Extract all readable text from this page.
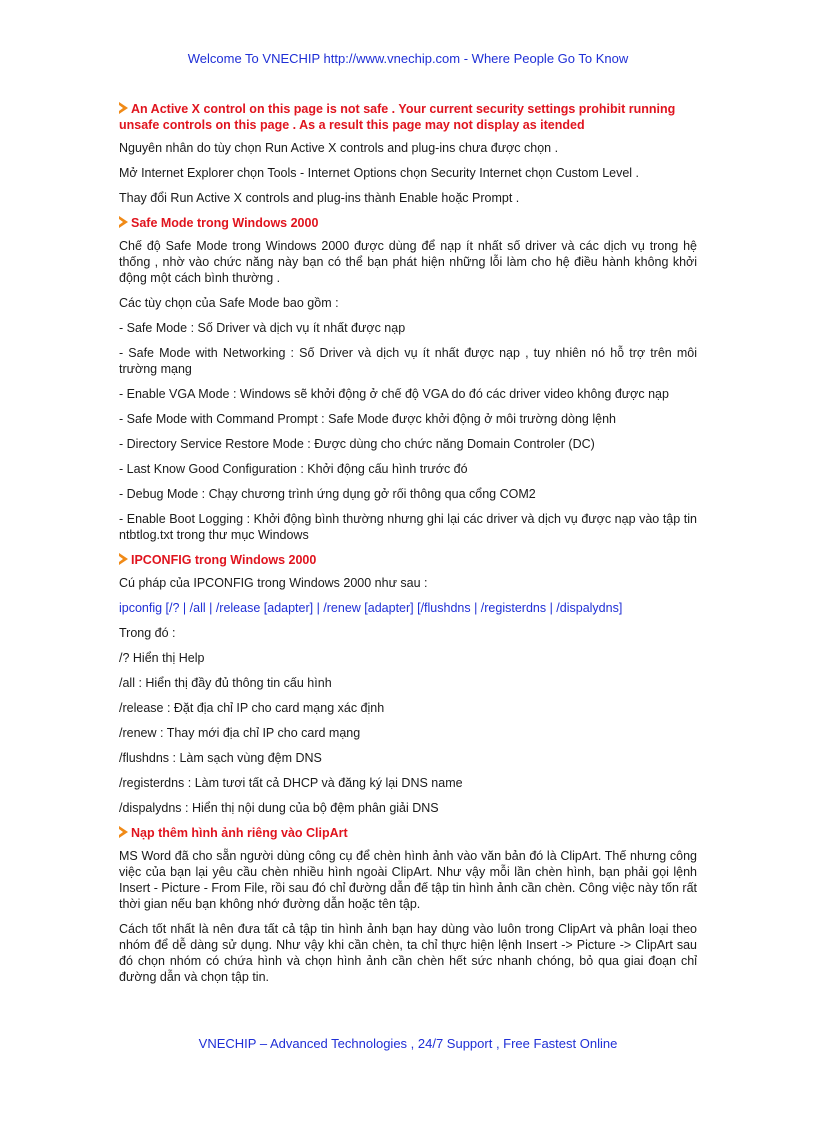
Welcome To VNECHIP http://www.vnechip.com - Where People Go To Know
An Active X control on this page is not safe . Your current security settings prohibit running unsafe controls on this page . As a result this page may not display as itended

Nguyên nhân do tùy chọn Run Active X controls and plug-ins chưa được chọn .

Mở Internet Explorer chọn Tools - Internet Options chọn Security Internet chọn Custom Level .

Thay đổi Run Active X controls and plug-ins thành Enable hoặc Prompt .

Safe Mode trong Windows 2000

Chế độ Safe Mode trong Windows 2000 được dùng để nạp ít nhất số driver và các dịch vụ trong hệ thống , nhờ vào chức năng này bạn có thể bạn phát hiện những lỗi làm cho hệ điều hành không khởi động một cách bình thường .

Các tùy chọn của Safe Mode bao gồm :

- Safe Mode : Số Driver và dịch vụ ít nhất được nạp

- Safe Mode with Networking : Số Driver và dịch vụ ít nhất được nạp , tuy nhiên nó hỗ trợ trên môi trường mạng

- Enable VGA Mode : Windows sẽ khởi động ở chế độ VGA do đó các driver video không được nạp

- Safe Mode with Command Prompt : Safe Mode được khởi động ở môi trường dòng lệnh

- Directory Service Restore Mode : Được dùng cho chức năng Domain Controler (DC)

- Last Know Good Configuration : Khởi động cấu hình trước đó

- Debug Mode : Chạy chương trình ứng dụng gở rối thông qua cổng COM2

- Enable Boot Logging : Khởi động bình thường nhưng ghi lại các driver và dịch vụ được nạp vào tập tin ntbtlog.txt trong thư mục Windows

IPCONFIG trong Windows 2000

Cú pháp của IPCONFIG trong Windows 2000 như sau :

ipconfig [/? | /all | /release [adapter] | /renew [adapter] [/flushdns | /registerdns | /dispalydns]

Trong đó :

/? Hiển thị Help

/all : Hiển thị đầy đủ thông tin cấu hình

/release : Đặt địa chỉ IP cho card mạng xác định

/renew : Thay mới địa chỉ IP cho card mạng

/flushdns : Làm sạch vùng đệm DNS

/registerdns : Làm tươi tất cả DHCP và đăng ký lại DNS name

/dispalydns : Hiển thị nội dung của bộ đệm phân giải DNS

Nạp thêm hình ảnh riêng vào ClipArt

MS Word đã cho sẵn người dùng công cụ để chèn hình ảnh vào văn bản đó là ClipArt. Thế nhưng công việc của bạn lại yêu cầu chèn nhiều hình ngoài ClipArt. Như vậy mỗi lần chèn hình, bạn phải gọi lệnh Insert - Picture - From File, rồi sau đó chỉ đường dẫn đế tập tin hình ảnh cần chèn. Công việc này tốn rất thời gian nếu bạn không nhớ đường dẫn hoặc tên tập.

Cách tốt nhất là nên đưa tất cả tập tin hình ảnh bạn hay dùng vào luôn trong ClipArt và phân loại theo nhóm để dễ dàng sử dụng. Như vậy khi cần chèn, ta chỉ thực hiện lệnh Insert -> Picture -> ClipArt sau đó chọn nhóm có chứa hình và chọn hình ảnh cần chèn hết sức nhanh chóng, bỏ qua giai đoạn chỉ đường dẫn và chọn tập tin.

VNECHIP – Advanced Technologies , 24/7 Support , Free Fastest Online
